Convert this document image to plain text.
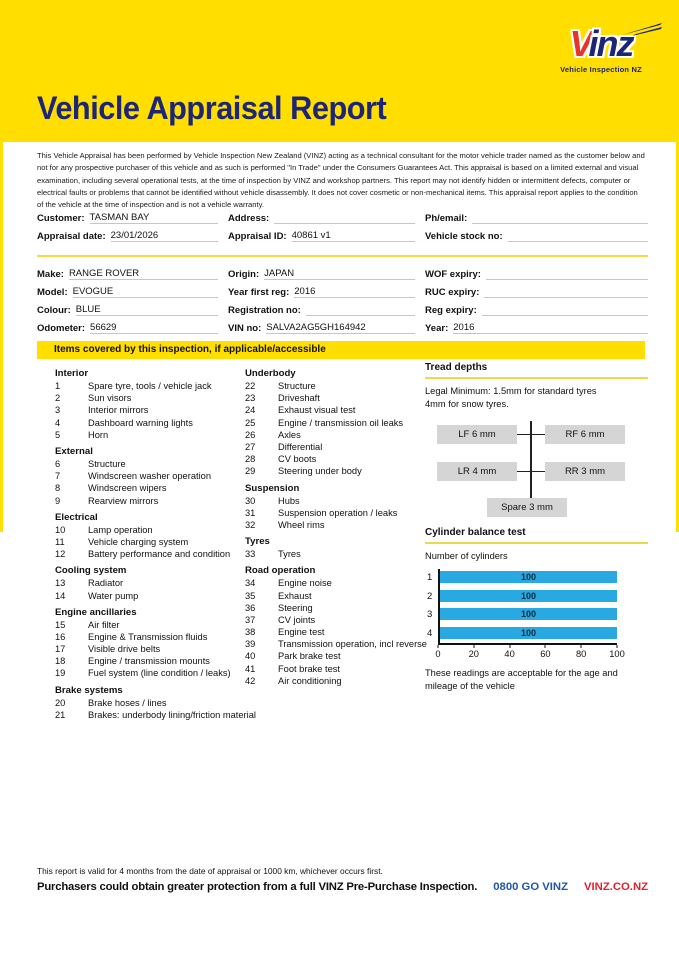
Vinz
Vehicle Inspection NZ
Vehicle Appraisal Report
This Vehicle Appraisal has been performed by Vehicle Inspection New Zealand (VINZ) acting as a technical consultant for the motor vehicle trader named as the customer below and not for any prospective purchaser of this vehicle and as such is performed "In Trade" under the Consumers Guarantees Act. This appraisal is based on a limited external and visual examination, including several operational tests, at the time of inspection by VINZ and workshop partners. This report may not identify hidden or intermittent defects, computer or electrical faults or problems that cannot be identified without vehicle disassembly. It does not cover cosmetic or non-mechanical items. This appraisal report applies to the condition of the vehicle at the time of inspection and is not a vehicle warranty.
Customer: TASMAN BAY	Address:	Ph/email:
Appraisal date: 23/01/2026	Appraisal ID: 40861 v1	Vehicle stock no:
Make: RANGE ROVER	Origin: JAPAN	WOF expiry:
Model: EVOGUE	Year first reg: 2016	RUC expiry:
Colour: BLUE	Registration no:	Reg expiry:
Odometer: 56629	VIN no: SALVA2AG5GH164942	Year: 2016
Items covered by this inspection, if applicable/accessible
Interior
1	Spare tyre, tools / vehicle jack
2	Sun visors
3	Interior mirrors
4	Dashboard warning lights
5	Horn
External
6	Structure
7	Windscreen washer operation
8	Windscreen wipers
9	Rearview mirrors
Electrical
10	Lamp operation
11	Vehicle charging system
12	Battery performance and condition
Cooling system
13	Radiator
14	Water pump
Engine ancillaries
15	Air filter
16	Engine & Transmission fluids
17	Visible drive belts
18	Engine / transmission mounts
19	Fuel system (line condition / leaks)
Brake systems
20	Brake hoses / lines
21	Brakes: underbody lining/friction material
Underbody
22	Structure
23	Driveshaft
24	Exhaust visual test
25	Engine / transmission oil leaks
26	Axles
27	Differential
28	CV boots
29	Steering under body
Suspension
30	Hubs
31	Suspension operation / leaks
32	Wheel rims
Tyres
33	Tyres
Road operation
34	Engine noise
35	Exhaust
36	Steering
37	CV joints
38	Engine test
39	Transmission operation, incl reverse
40	Park brake test
41	Foot brake test
42	Air conditioning
Tread depths
Legal Minimum: 1.5mm for standard tyres
4mm for snow tyres.
LF 6 mm	RF 6 mm
LR 4 mm	RR 3 mm
Spare 3 mm
Cylinder balance test
Number of cylinders
0	20	40	60	80 100
1	100
2	100
3	100
4	100
These readings are acceptable for the age and
mileage of the vehicle
This report is valid for 4 months from the date of appraisal or 1000 km, whichever occurs first.
Purchasers could obtain greater protection from a full VINZ Pre-Purchase Inspection. 0800 GO VINZ VINZ.CO.NZ
